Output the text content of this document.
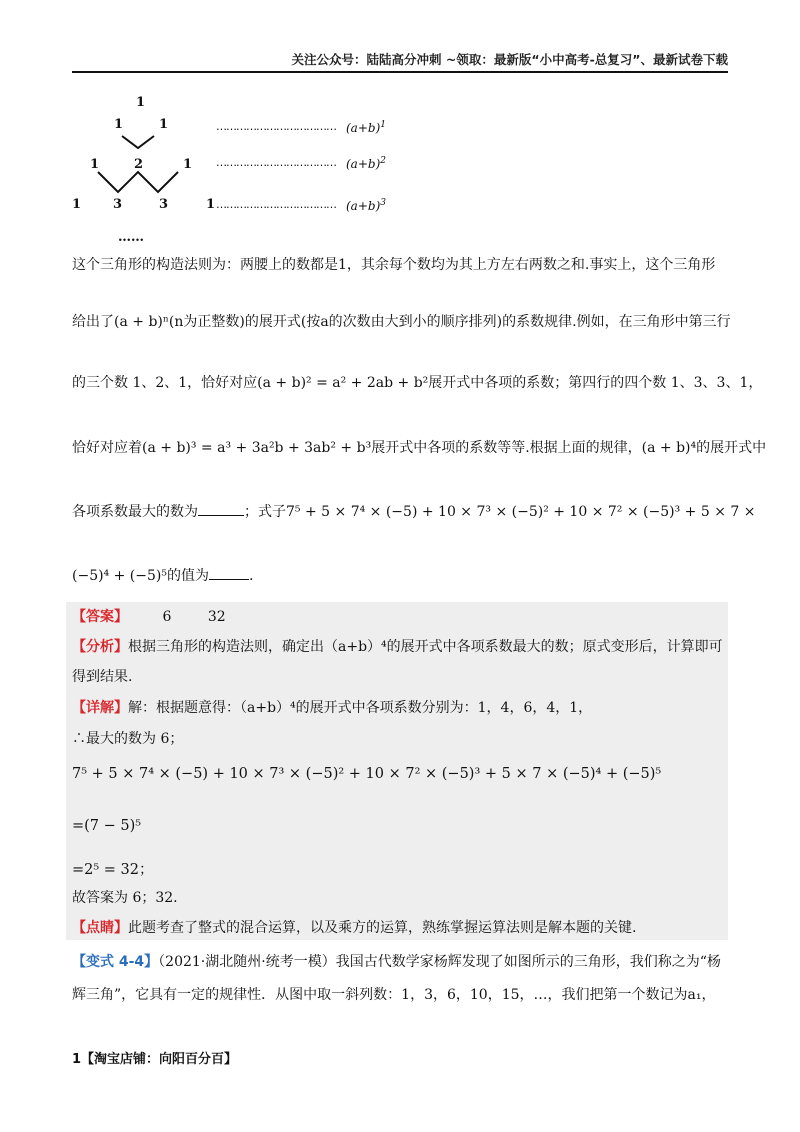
关注公众号：陆陆高分冲刺 ~领取：最新版“小中高考-总复习”、最新试卷下载
1
1	1
1	2	1
1 3	3	1
……
……………………………… $(a+b)^1$
……………………………… $(a+b)^2$
……………………………… $(a+b)^3$
这个三角形的构造法则为：两腰上的数都是1，其余每个数均为其上方左右两数之和.事实上，这个三角形
给出了(a + b)ⁿ(n为正整数)的展开式(按a的次数由大到小的顺序排列)的系数规律.例如，在三角形中第三行
的三个数 1、2、1，恰好对应(a + b)² = a² + 2ab + b²展开式中各项的系数；第四行的四个数 1、3、3、1，
恰好对应着(a + b)³ = a³ + 3a²b + 3ab² + b³展开式中各项的系数等等.根据上面的规律，(a + b)⁴的展开式中
各项系数最大的数为	；式子7⁵ + 5 × 7⁴ × (−5) + 10 × 7³ × (−5)² + 10 × 7² × (−5)³ + 5 × 7 ×
(−5)⁴ + (−5)⁵的值为	.
【答案】 6	32
【分析】根据三角形的构造法则，确定出（a+b）⁴的展开式中各项系数最大的数；原式变形后，计算即可
得到结果.
【详解】解：根据题意得：（a+b）⁴的展开式中各项系数分别为：1，4，6，4，1，
∴最大的数为 6；
7⁵ + 5 × 7⁴ × (−5) + 10 × 7³ × (−5)² + 10 × 7² × (−5)³ + 5 × 7 × (−5)⁴ + (−5)⁵
=(7 − 5)⁵
=2⁵ = 32；
故答案为 6；32.
【点睛】此题考查了整式的混合运算，以及乘方的运算，熟练掌握运算法则是解本题的关键.
【变式 4-4】（2021·湖北随州·统考一模）我国古代数学家杨辉发现了如图所示的三角形，我们称之为“杨
辉三角”，它具有一定的规律性．从图中取一斜列数：1，3，6，10，15，…，我们把第一个数记为a₁，
1【淘宝店铺：向阳百分百】
